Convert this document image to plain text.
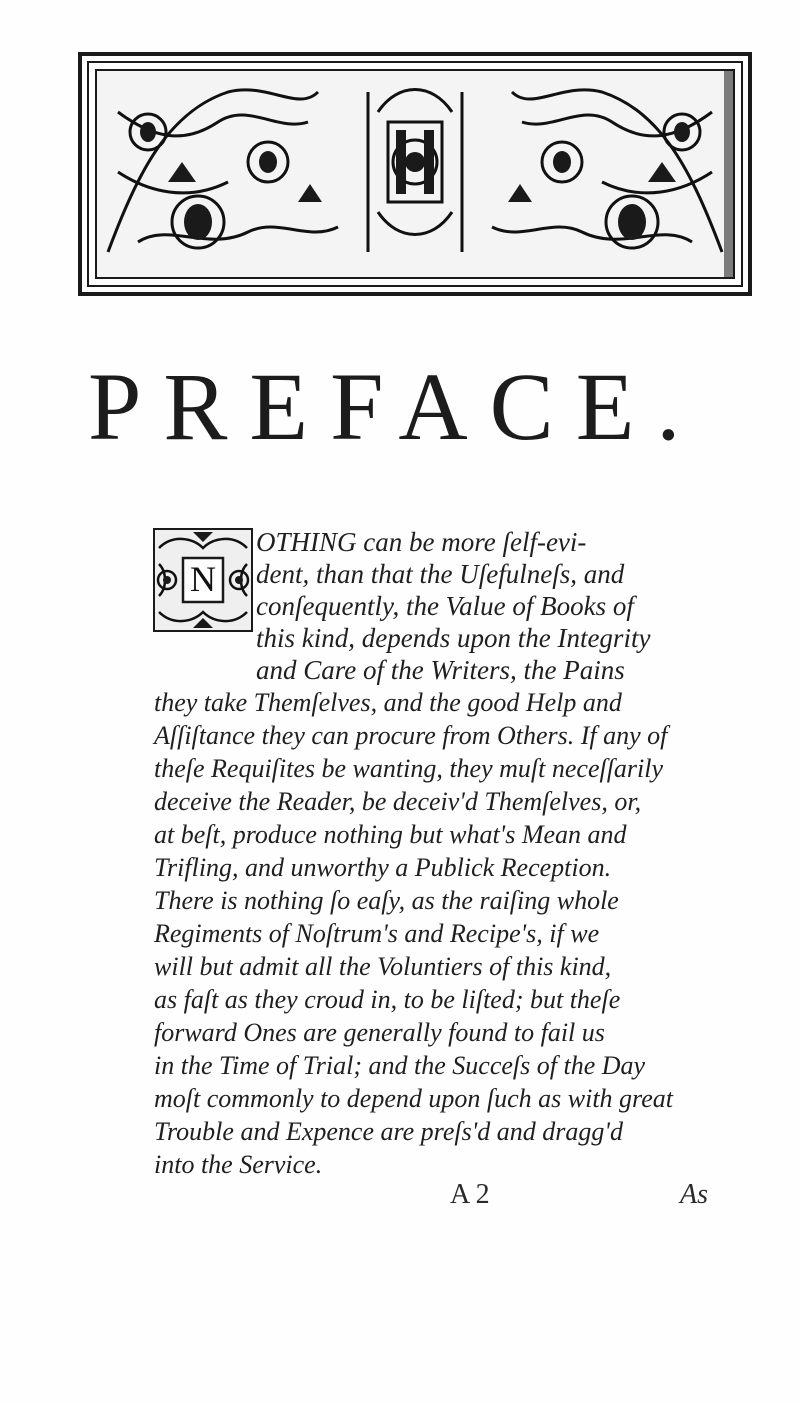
PREFACE.
N
OTHING can be more ſelf-evi-
dent, than that the Uſefulneſs, and
conſequently, the Value of Books of
this kind, depends upon the Integrity
and Care of the Writers, the Pains
they take Themſelves, and the good Help and
Aſſiſtance they can procure from Others. If any of
theſe Requiſites be wanting, they muſt neceſſarily
deceive the Reader, be deceiv'd Themſelves, or,
at beſt, produce nothing but what's Mean and
Trifling, and unworthy a Publick Reception.
There is nothing ſo eaſy, as the raiſing whole
Regiments of Noſtrum's and Recipe's, if we
will but admit all the Voluntiers of this kind,
as faſt as they croud in, to be liſted; but theſe
forward Ones are generally found to fail us
in the Time of Trial; and the Succeſs of the Day
moſt commonly to depend upon ſuch as with great
Trouble and Expence are preſs'd and dragg'd
into the Service.
A 2	As
